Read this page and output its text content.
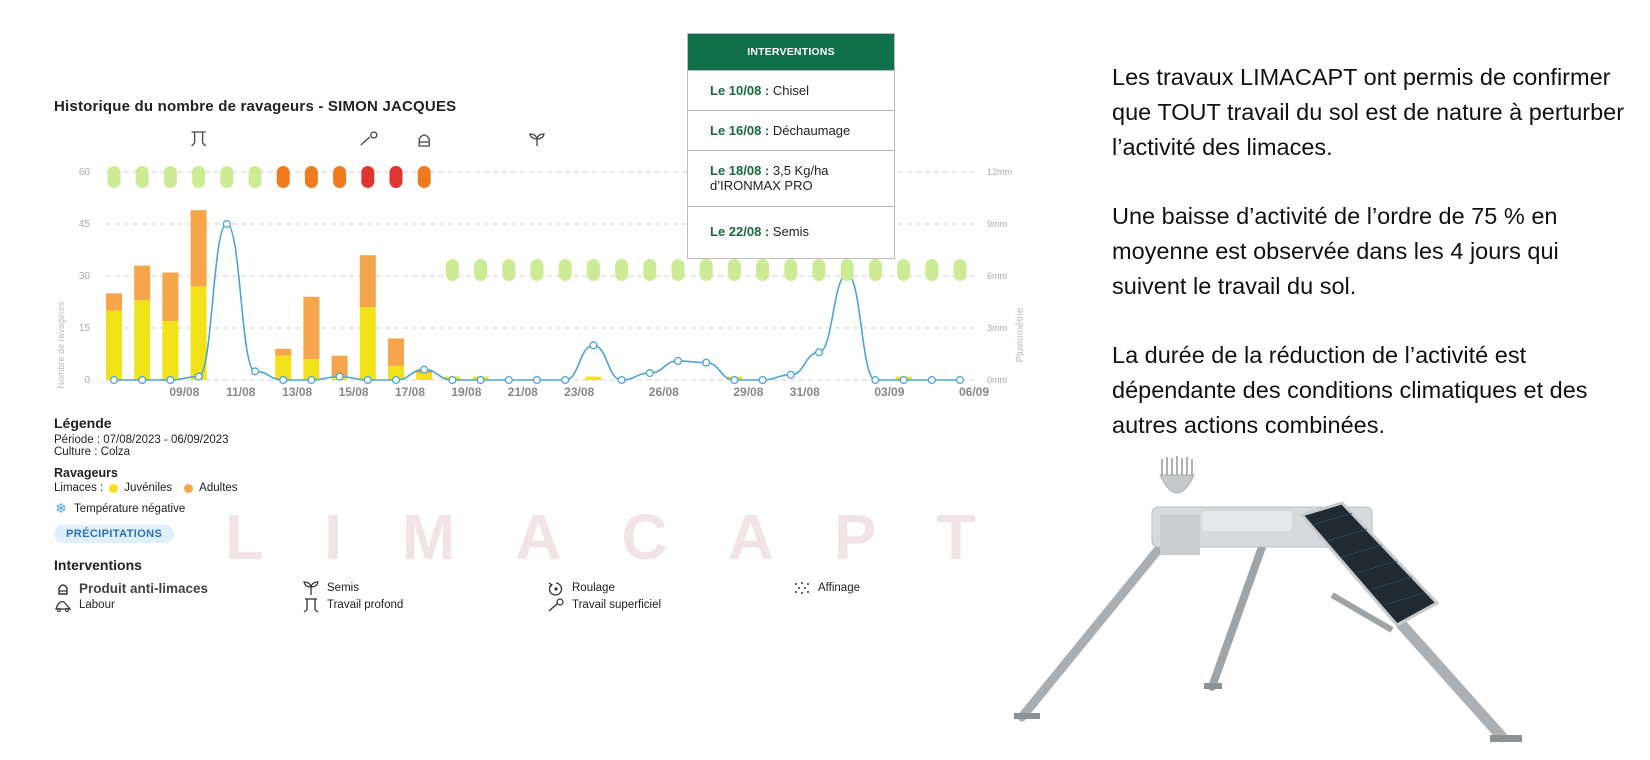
Historique du nombre de ravageurs - SIMON JACQUES
LIMACAPT
0	0mm
15	3mm
30	6mm
45	9mm
60	12mm
Nombre de ravageurs	Pluviométrie
09/08 11/08 13/08 15/08 17/08 19/08 21/08 23/08	26/08	29/08 31/08	03/09	06/09
Légende
Période : 07/08/2023 - 06/09/2023
Culture : Colza
Ravageurs
Limaces : Juvéniles Adultes
❄ Température négative
PRÉCIPITATIONS
Interventions
Produit anti-limaces
Labour
Semis
Travail profond
Roulage
Travail superficiel
Affinage
INTERVENTIONS
Le 10/08 : Chisel
Le 16/08 : Déchaumage
Le 18/08 : 3,5 Kg/ha d’IRONMAX PRO
Le 22/08 : Semis

Les travaux LIMACAPT ont permis de confirmer que TOUT travail du sol est de nature à perturber l’activité des limaces.

Une baisse d’activité de l’ordre de 75 % en moyenne est observée dans les 4 jours qui suivent le travail du sol.

La durée de la réduction de l’activité est dépendante des conditions climatiques et des autres actions combinées.
